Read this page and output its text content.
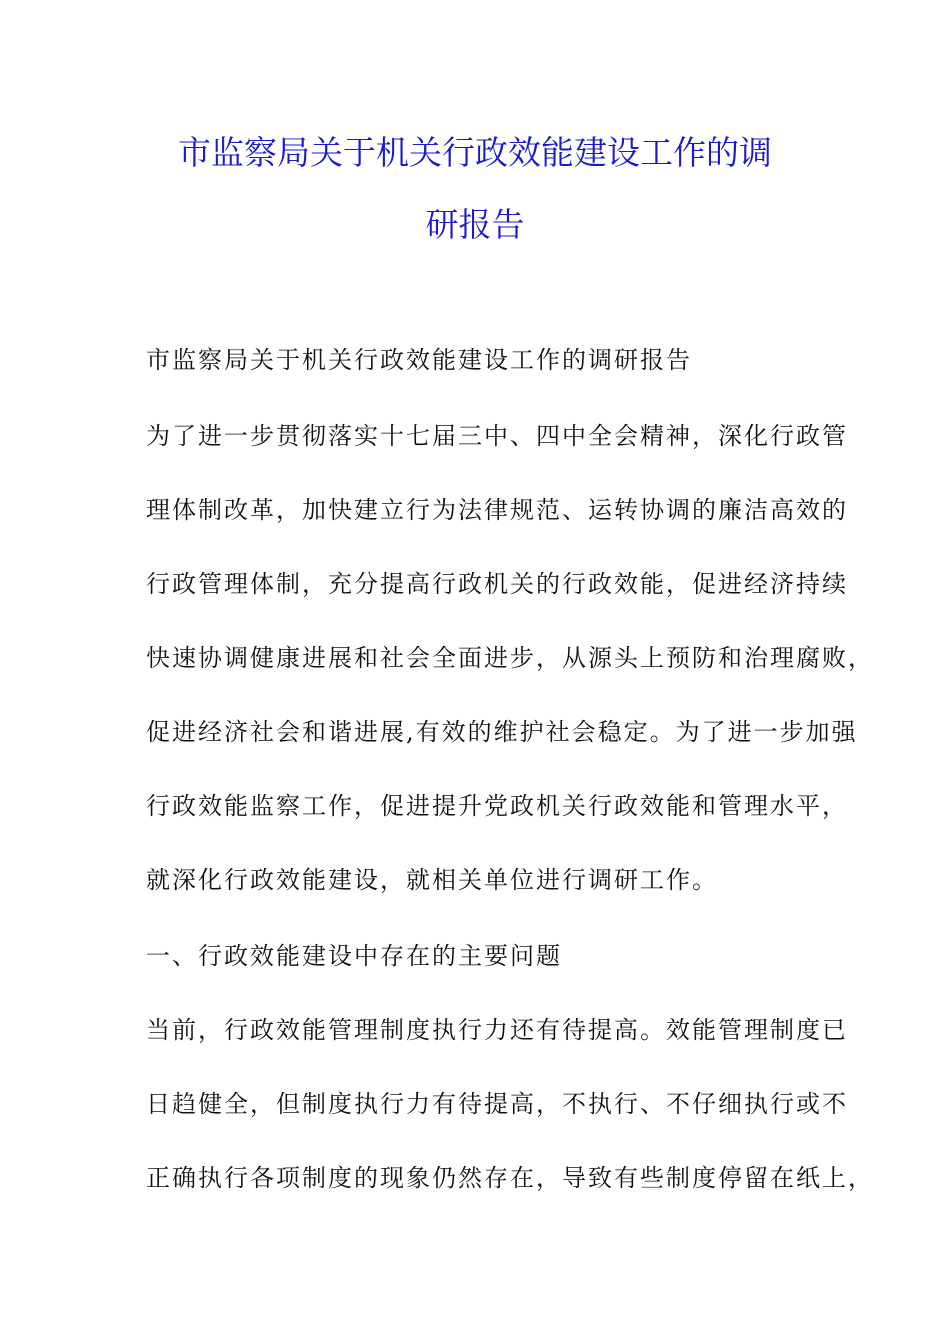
市监察局关于机关行政效能建设工作的调
研报告
市监察局关于机关行政效能建设工作的调研报告
为了进一步贯彻落实十七届三中、四中全会精神，深化行政管
理体制改革，加快建立行为法律规范、运转协调的廉洁高效的
行政管理体制，充分提高行政机关的行政效能，促进经济持续
快速协调健康进展和社会全面进步，从源头上预防和治理腐败，
促进经济社会和谐进展,有效的维护社会稳定。为了进一步加强
行政效能监察工作，促进提升党政机关行政效能和管理水平，
就深化行政效能建设，就相关单位进行调研工作。
一、行政效能建设中存在的主要问题
当前，行政效能管理制度执行力还有待提高。效能管理制度已
日趋健全，但制度执行力有待提高，不执行、不仔细执行或不
正确执行各项制度的现象仍然存在，导致有些制度停留在纸上，
